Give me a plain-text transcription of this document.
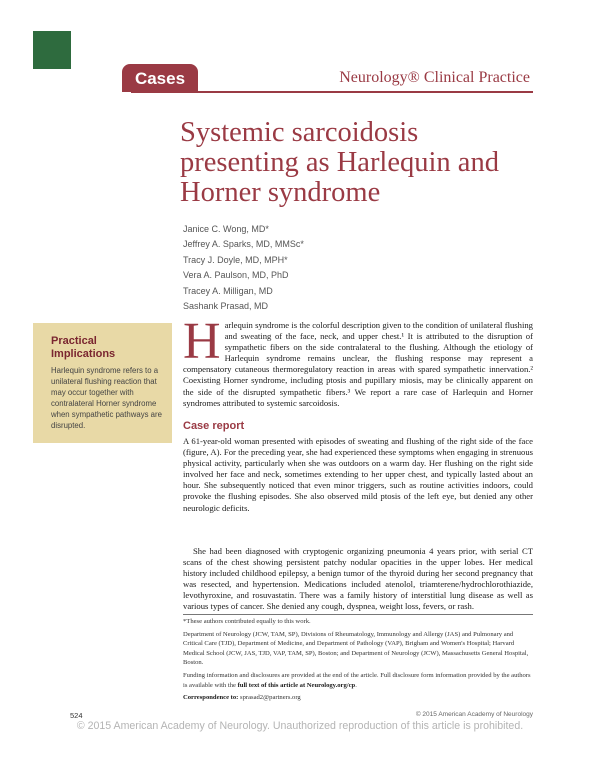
Cases	Neurology® Clinical Practice
Systemic sarcoidosis presenting as Harlequin and Horner syndrome
Janice C. Wong, MD*
Jeffrey A. Sparks, MD, MMSc*
Tracy J. Doyle, MD, MPH*
Vera A. Paulson, MD, PhD
Tracey A. Milligan, MD
Sashank Prasad, MD
Practical Implications
Harlequin syndrome refers to a unilateral flushing reaction that may occur together with contralateral Horner syndrome when sympathetic pathways are disrupted.
Harlequin syndrome is the colorful description given to the condition of unilateral flushing and sweating of the face, neck, and upper chest.¹ It is attributed to the disruption of sympathetic fibers on the side contralateral to the flushing. Although the etiology of Harlequin syndrome remains unclear, the flushing response may represent a compensatory cutaneous thermoregulatory reaction in areas with spared sympathetic innervation.² Coexisting Horner syndrome, including ptosis and pupillary miosis, may be clinically apparent on the side of the disrupted sympathetic fibers.³ We report a rare case of Harlequin and Horner syndromes attributed to systemic sarcoidosis.
Case report
A 61-year-old woman presented with episodes of sweating and flushing of the right side of the face (figure, A). For the preceding year, she had experienced these symptoms when engaging in strenuous physical activity, particularly when she was outdoors on a warm day. Her flushing on the right side involved her face and neck, sometimes extending to her upper chest, and typically lasted about an hour. She subsequently noticed that even minor triggers, such as routine activities indoors, could provoke the flushing episodes. She also observed mild ptosis of the left eye, but denied any other neurologic deficits.
She had been diagnosed with cryptogenic organizing pneumonia 4 years prior, with serial CT scans of the chest showing persistent patchy nodular opacities in the upper lobes. Her medical history included childhood epilepsy, a benign tumor of the thyroid during her second pregnancy that was resected, and hypertension. Medications included atenolol, triamterene/hydrochlorothiazide, levothyroxine, and rosuvastatin. There was a family history of interstitial lung disease as well as various types of cancer. She denied any cough, dyspnea, weight loss, fevers, or rash.

*These authors contributed equally to this work.

Department of Neurology (JCW, TAM, SP), Divisions of Rheumatology, Immunology and Allergy (JAS) and Pulmonary and Critical Care (TJD), Department of Medicine, and Department of Pathology (VAP), Brigham and Women's Hospital; Harvard Medical School (JCW, JAS, TJD, VAP, TAM, SP), Boston; and Department of Neurology (JCW), Massachusetts General Hospital, Boston.

Funding information and disclosures are provided at the end of the article. Full disclosure form information provided by the authors is available with the full text of this article at Neurology.org/cp.

Correspondence to: sprasad2@partners.org

524	© 2015 American Academy of Neurology
© 2015 American Academy of Neurology. Unauthorized reproduction of this article is prohibited.
